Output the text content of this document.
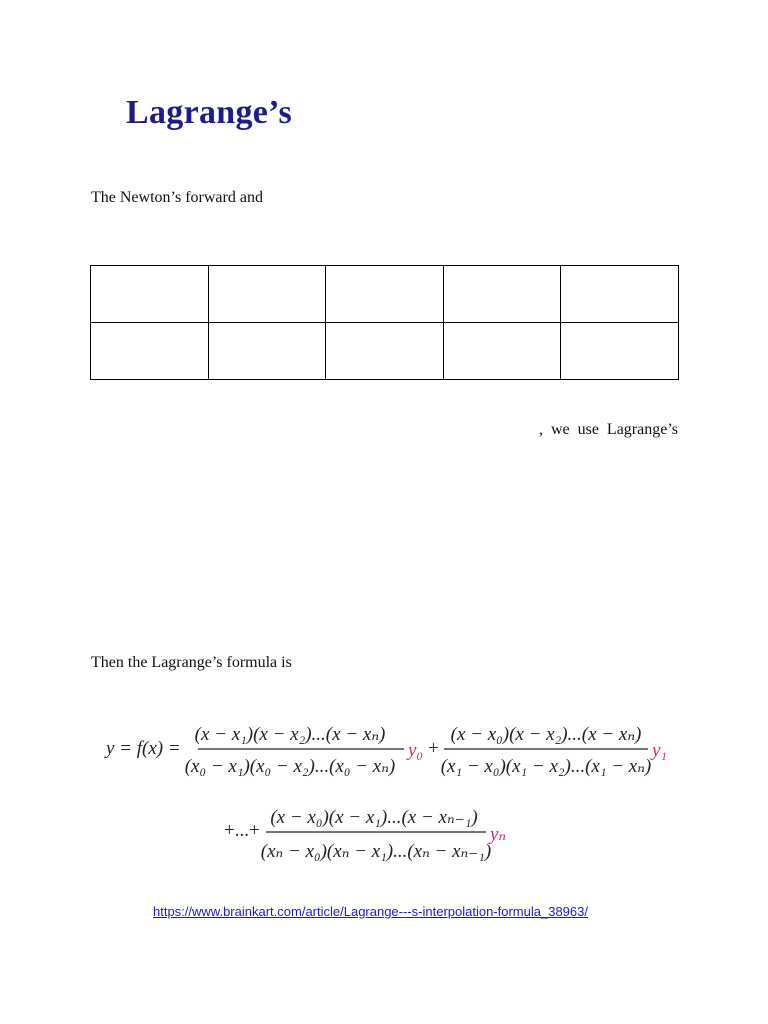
Lagrange’s
The Newton’s forward and

, we use Lagrange’s
Then the Lagrange’s formula is
y = f(x) =
(x − x₁)(x − x₂)...(x − xₙ)
(x₀ − x₁)(x₀ − x₂)...(x₀ − xₙ)
y₀ +
(x − x₀)(x − x₂)...(x − xₙ)
(x₁ − x₀)(x₁ − x₂)...(x₁ − xₙ)
y₁
+...+
(x − x₀)(x − x₁)...(x − xₙ₋₁)
(xₙ − x₀)(xₙ − x₁)...(xₙ − xₙ₋₁)
yₙ
https://www.brainkart.com/article/Lagrange---s-interpolation-formula_38963/
